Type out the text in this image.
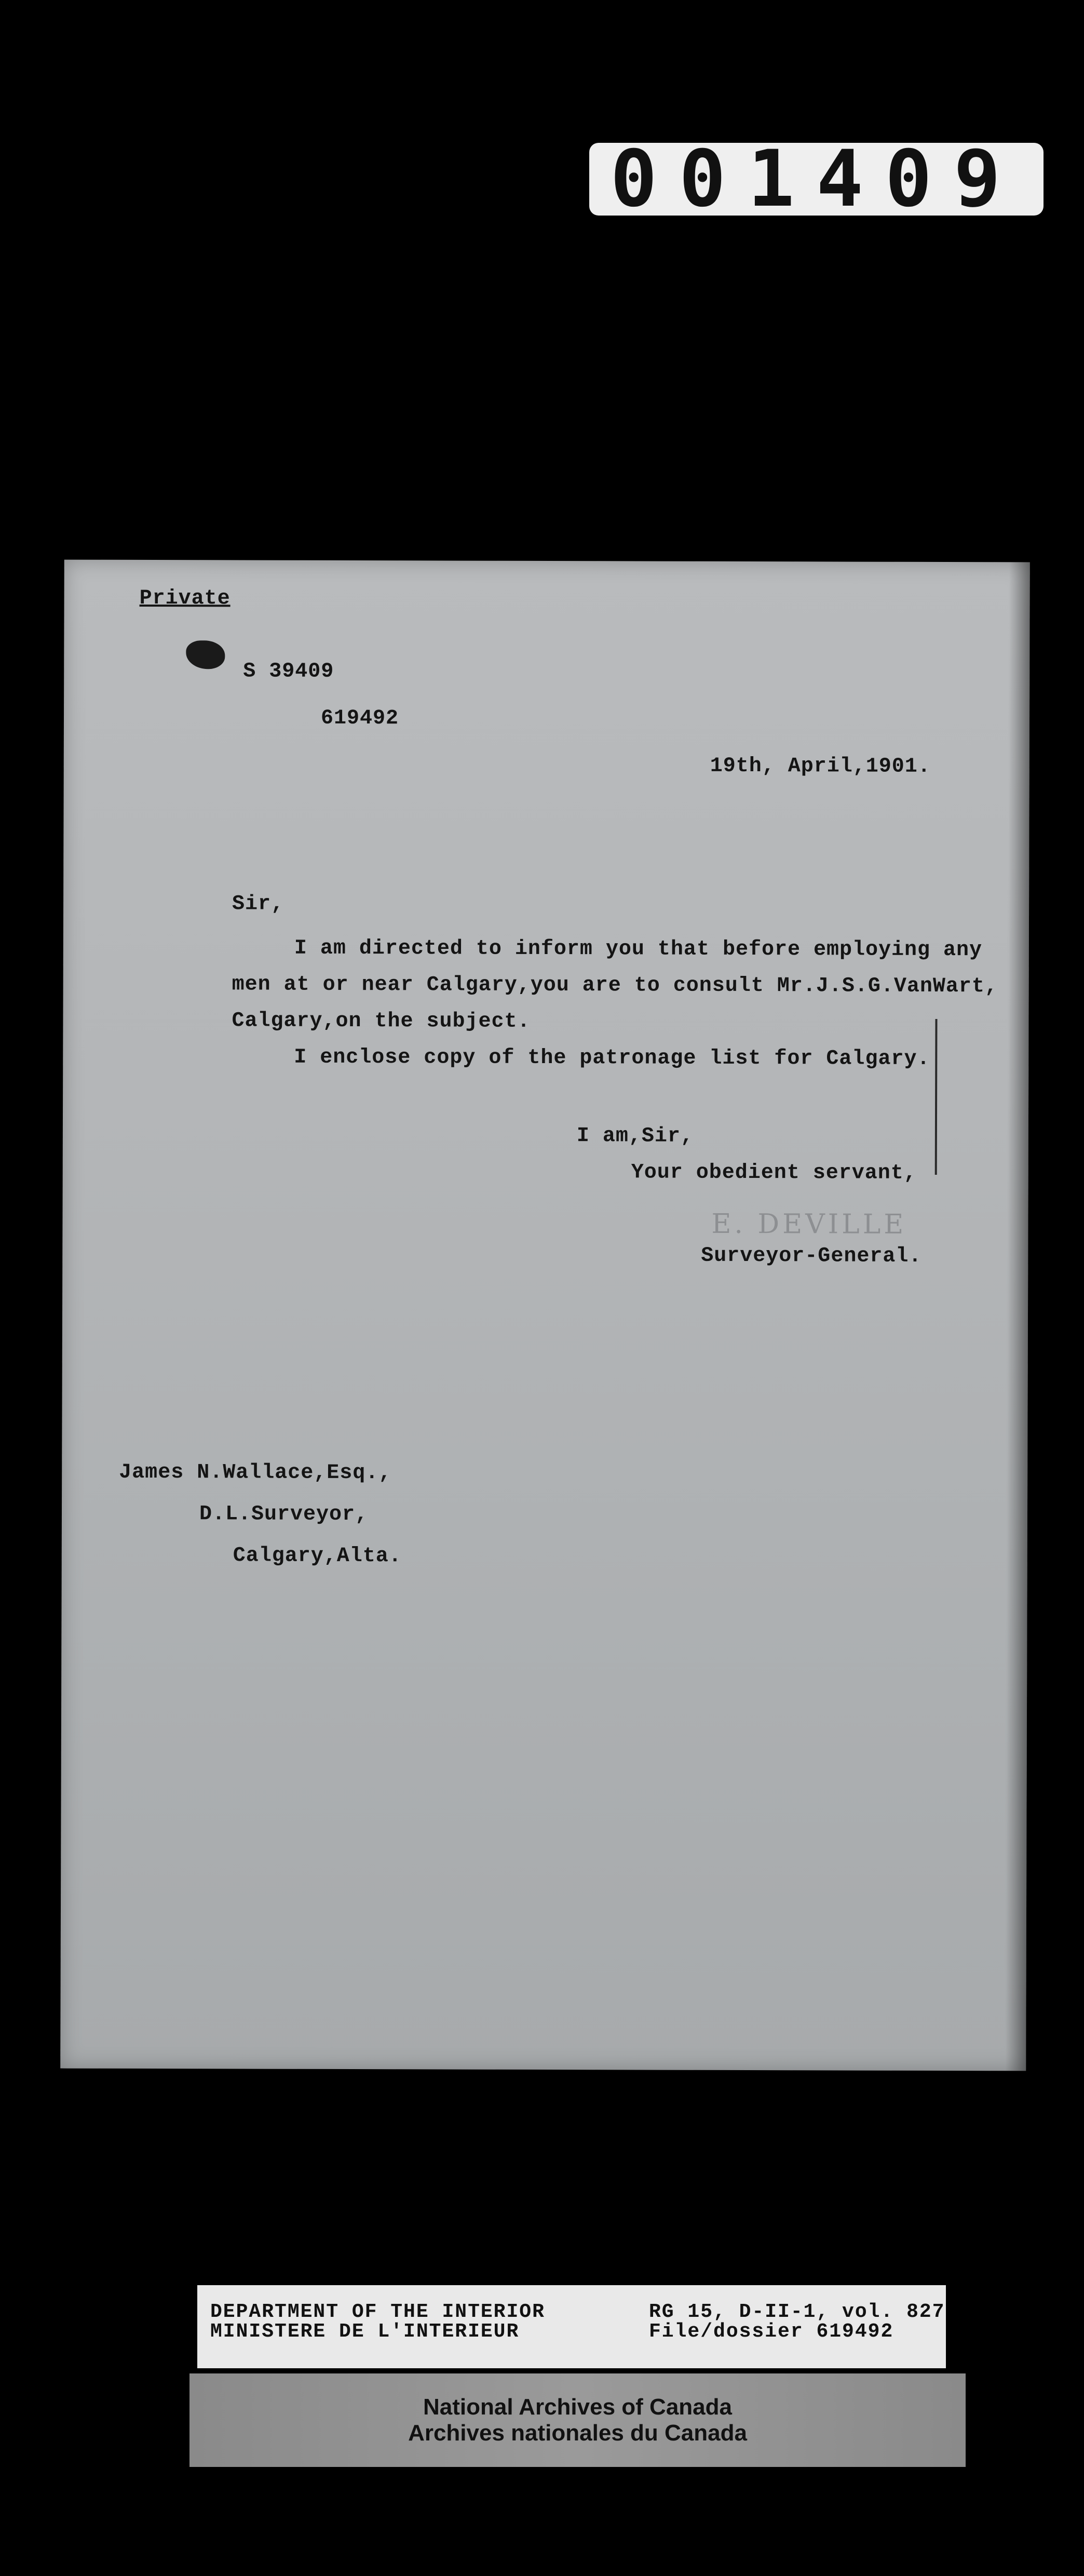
001409
Private
S 39409
619492
19th, April,1901.
Sir,
I am directed to inform you that before employing any
men at or near Calgary,you are to consult Mr.J.S.G.VanWart,
Calgary,on the subject.
I enclose copy of the patronage list for Calgary.
I am,Sir,
Your obedient servant,
E. DEVILLE
Surveyor-General.
James N.Wallace,Esq.,
D.L.Surveyor,
Calgary,Alta.
DEPARTMENT OF THE INTERIOR
MINISTERE DE L'INTERIEUR
RG 15, D-II-1, vol. 827
File/dossier 619492
National Archives of Canada
Archives nationales du Canada
